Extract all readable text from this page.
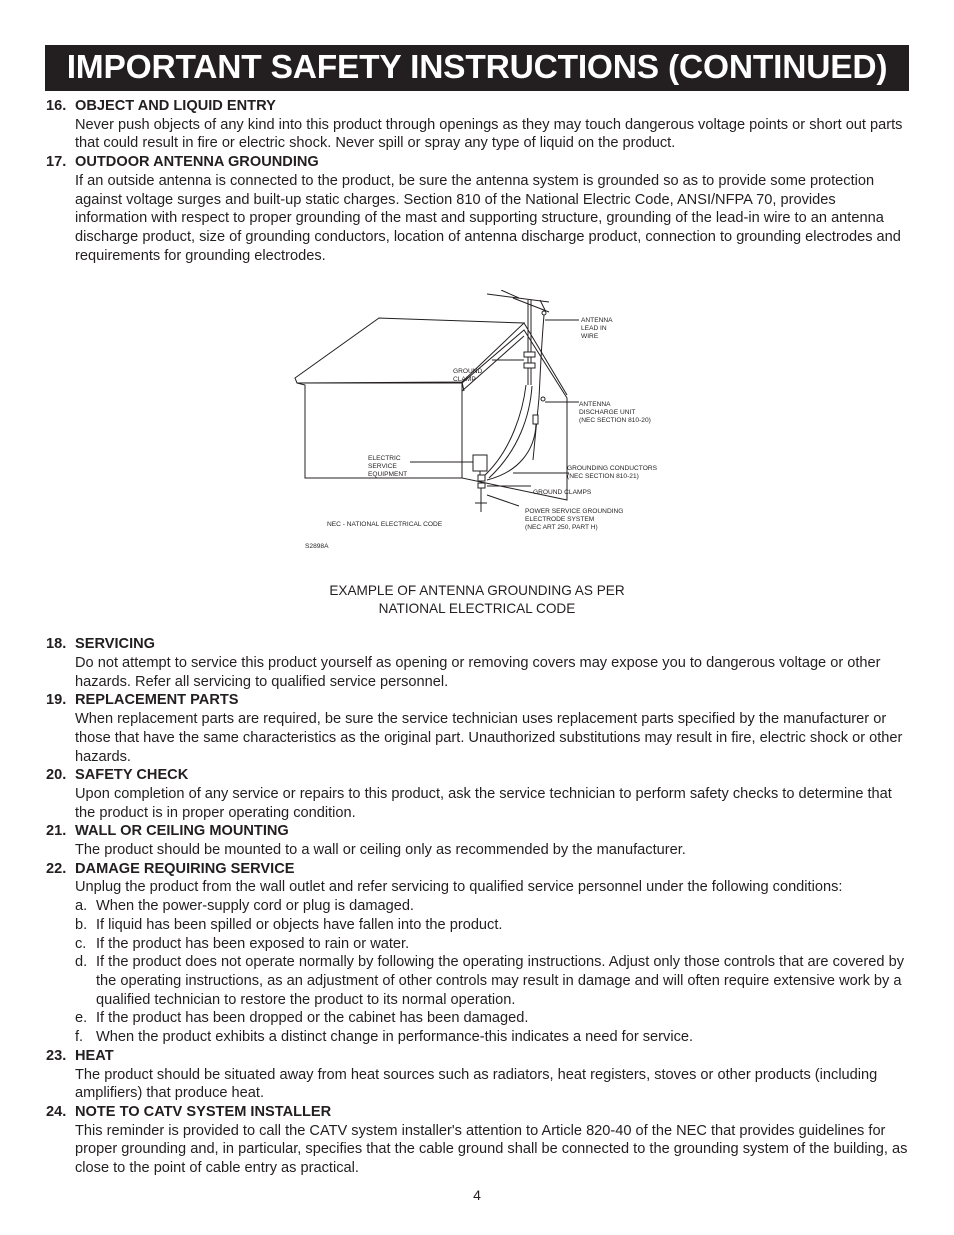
IMPORTANT SAFETY INSTRUCTIONS (CONTINUED)
16. OBJECT AND LIQUID ENTRY
Never push objects of any kind into this product through openings as they may touch dangerous voltage points or short out parts that could result in fire or electric shock. Never spill or spray any type of liquid on the product.
17. OUTDOOR ANTENNA GROUNDING
If an outside antenna is connected to the product, be sure the antenna system is grounded so as to provide some protection against voltage surges and built-up static charges. Section 810 of the National Electric Code, ANSI/NFPA 70, provides information with respect to proper grounding of the mast and supporting structure, grounding of the lead-in wire to an antenna discharge product, size of grounding conductors, location of antenna discharge product, connection to grounding electrodes and requirements for grounding electrodes.
ANTENNA
LEAD IN
WIRE
GROUND
CLAMP
ANTENNA
DISCHARGE UNIT
(NEC SECTION 810-20)
ELECTRIC
SERVICE
EQUIPMENT
GROUNDING CONDUCTORS
(NEC SECTION 810-21)
GROUND CLAMPS
POWER SERVICE GROUNDING
ELECTRODE SYSTEM
(NEC ART 250, PART H)
NEC - NATIONAL ELECTRICAL CODE
S2898A
EXAMPLE OF ANTENNA GROUNDING AS PER
NATIONAL ELECTRICAL CODE
18. SERVICING
Do not attempt to service this product yourself as opening or removing covers may expose you to dangerous voltage or other hazards. Refer all servicing to qualified service personnel.
19. REPLACEMENT PARTS
When replacement parts are required, be sure the service technician uses replacement parts specified by the manufacturer or those that have the same characteristics as the original part. Unauthorized substitutions may result in fire, electric shock or other hazards.
20. SAFETY CHECK
Upon completion of any service or repairs to this product, ask the service technician to perform safety checks to determine that the product is in proper operating condition.
21. WALL OR CEILING MOUNTING
The product should be mounted to a wall or ceiling only as recommended by the manufacturer.
22. DAMAGE REQUIRING SERVICE
Unplug the product from the wall outlet and refer servicing to qualified service personnel under the following conditions:
a. When the power-supply cord or plug is damaged.
b. If liquid has been spilled or objects have fallen into the product.
c. If the product has been exposed to rain or water.
d. If the product does not operate normally by following the operating instructions. Adjust only those controls that are covered by the operating instructions, as an adjustment of other controls may result in damage and will often require extensive work by a qualified technician to restore the product to its normal operation.
e. If the product has been dropped or the cabinet has been damaged.
f. When the product exhibits a distinct change in performance-this indicates a need for service.
23. HEAT
The product should be situated away from heat sources such as radiators, heat registers, stoves or other products (including amplifiers) that produce heat.
24. NOTE TO CATV SYSTEM INSTALLER
This reminder is provided to call the CATV system installer's attention to Article 820-40 of the NEC that provides guidelines for proper grounding and, in particular, specifies that the cable ground shall be connected to the grounding system of the building, as close to the point of cable entry as practical.
4
